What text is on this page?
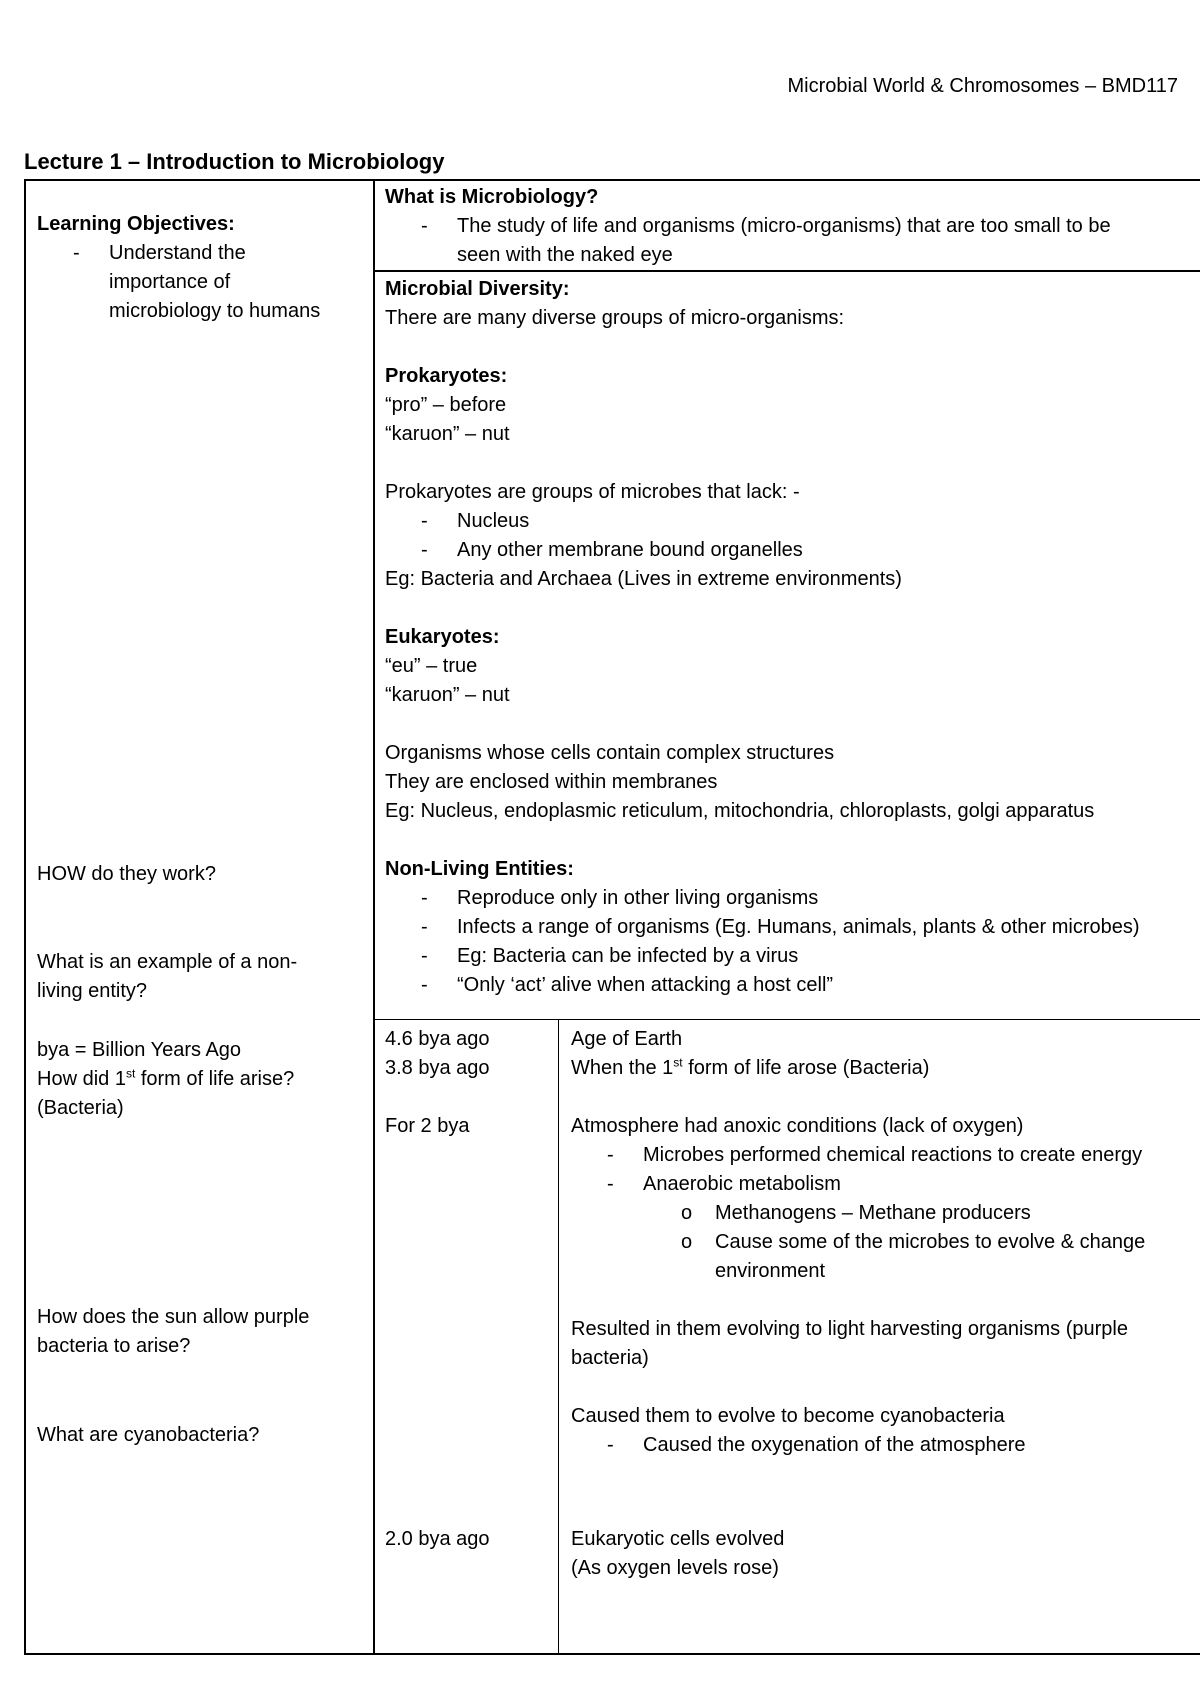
Microbial World & Chromosomes – BMD117
Lecture 1 – Introduction to Microbiology
Learning Objectives:
- Understand the
importance of
microbiology to humans
HOW do they work?
What is an example of a non-
living entity?
bya = Billion Years Ago
How did 1st form of life arise?
(Bacteria)
How does the sun allow purple
bacteria to arise?
What are cyanobacteria?
What is Microbiology?
- The study of life and organisms (micro-organisms) that are too small to be
seen with the naked eye
Microbial Diversity:
There are many diverse groups of micro-organisms:
Prokaryotes:
“pro” – before
“karuon” – nut
Prokaryotes are groups of microbes that lack: -
- Nucleus
- Any other membrane bound organelles
Eg: Bacteria and Archaea (Lives in extreme environments)
Eukaryotes:
“eu” – true
“karuon” – nut
Organisms whose cells contain complex structures
They are enclosed within membranes
Eg: Nucleus, endoplasmic reticulum, mitochondria, chloroplasts, golgi apparatus
Non-Living Entities:
- Reproduce only in other living organisms
- Infects a range of organisms (Eg. Humans, animals, plants & other microbes)
- Eg: Bacteria can be infected by a virus
- “Only ‘act’ alive when attacking a host cell”
4.6 bya ago
3.8 bya ago
For 2 bya
2.0 bya ago
Age of Earth
When the 1st form of life arose (Bacteria)
Atmosphere had anoxic conditions (lack of oxygen)
- Microbes performed chemical reactions to create energy
- Anaerobic metabolism
o Methanogens – Methane producers
o Cause some of the microbes to evolve & change
environment
Resulted in them evolving to light harvesting organisms (purple
bacteria)
Caused them to evolve to become cyanobacteria
- Caused the oxygenation of the atmosphere
Eukaryotic cells evolved
(As oxygen levels rose)
